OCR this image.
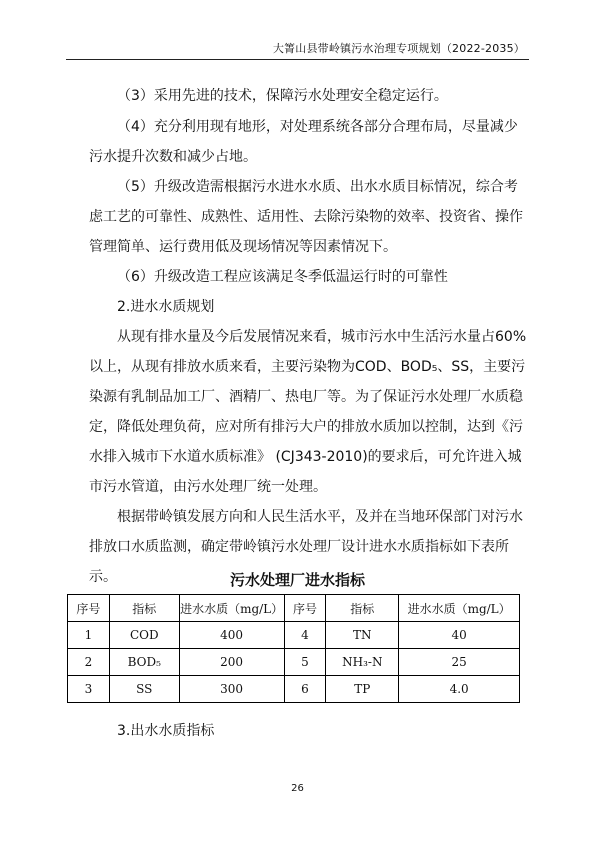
大箐山县带岭镇污水治理专项规划（2022-2035）

（3）采用先进的技术，保障污水处理安全稳定运行。

（4）充分利用现有地形，对处理系统各部分合理布局，尽量减少污水提升次数和减少占地。

（5）升级改造需根据污水进水水质、出水水质目标情况，综合考虑工艺的可靠性、成熟性、适用性、去除污染物的效率、投资省、操作管理简单、运行费用低及现场情况等因素情况下。

（6）升级改造工程应该满足冬季低温运行时的可靠性

2.进水水质规划

从现有排水量及今后发展情况来看，城市污水中生活污水量占60%以上，从现有排放水质来看，主要污染物为COD、BOD₅、SS，主要污染源有乳制品加工厂、酒精厂、热电厂等。为了保证污水处理厂水质稳定，降低处理负荷，应对所有排污大户的排放水质加以控制，达到《污水排入城市下水道水质标准》 (CJ343-2010)的要求后，可允许进入城市污水管道，由污水处理厂统一处理。

根据带岭镇发展方向和人民生活水平，及并在当地环保部门对污水排放口水质监测，确定带岭镇污水处理厂设计进水水质指标如下表所示。	污水处理厂进水指标
序号	指标	进水水质（mg/L）	序号	指标	进水水质（mg/L）
1	COD	400	4	TN	40
2	BOD₅	200	5	NH₃-N	25
3	SS	300	6	TP	4.0

3.出水水质指标

26
